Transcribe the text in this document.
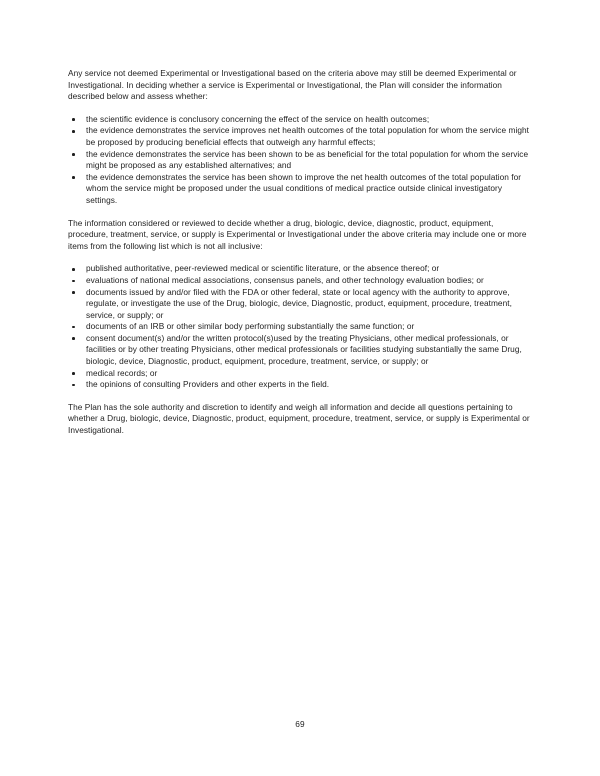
Any service not deemed Experimental or Investigational based on the criteria above may still be deemed Experimental or Investigational. In deciding whether a service is Experimental or Investigational, the Plan will consider the information described below and assess whether:

the scientific evidence is conclusory concerning the effect of the service on health outcomes;
the evidence demonstrates the service improves net health outcomes of the total population for whom the service might be proposed by producing beneficial effects that outweigh any harmful effects;
the evidence demonstrates the service has been shown to be as beneficial for the total population for whom the service might be proposed as any established alternatives; and
the evidence demonstrates the service has been shown to improve the net health outcomes of the total population for whom the service might be proposed under the usual conditions of medical practice outside clinical investigatory settings.

The information considered or reviewed to decide whether a drug, biologic, device, diagnostic, product, equipment, procedure, treatment, service, or supply is Experimental or Investigational under the above criteria may include one or more items from the following list which is not all inclusive:

published authoritative, peer-reviewed medical or scientific literature, or the absence thereof; or
evaluations of national medical associations, consensus panels, and other technology evaluation bodies; or
documents issued by and/or filed with the FDA or other federal, state or local agency with the authority to approve, regulate, or investigate the use of the Drug, biologic, device, Diagnostic, product, equipment, procedure, treatment, service, or supply; or
documents of an IRB or other similar body performing substantially the same function; or
consent document(s) and/or the written protocol(s)used by the treating Physicians, other medical professionals, or facilities or by other treating Physicians, other medical professionals or facilities studying substantially the same Drug, biologic, device, Diagnostic, product, equipment, procedure, treatment, service, or supply; or
medical records; or
the opinions of consulting Providers and other experts in the field.

The Plan has the sole authority and discretion to identify and weigh all information and decide all questions pertaining to whether a Drug, biologic, device, Diagnostic, product, equipment, procedure, treatment, service, or supply is Experimental or Investigational.

69
